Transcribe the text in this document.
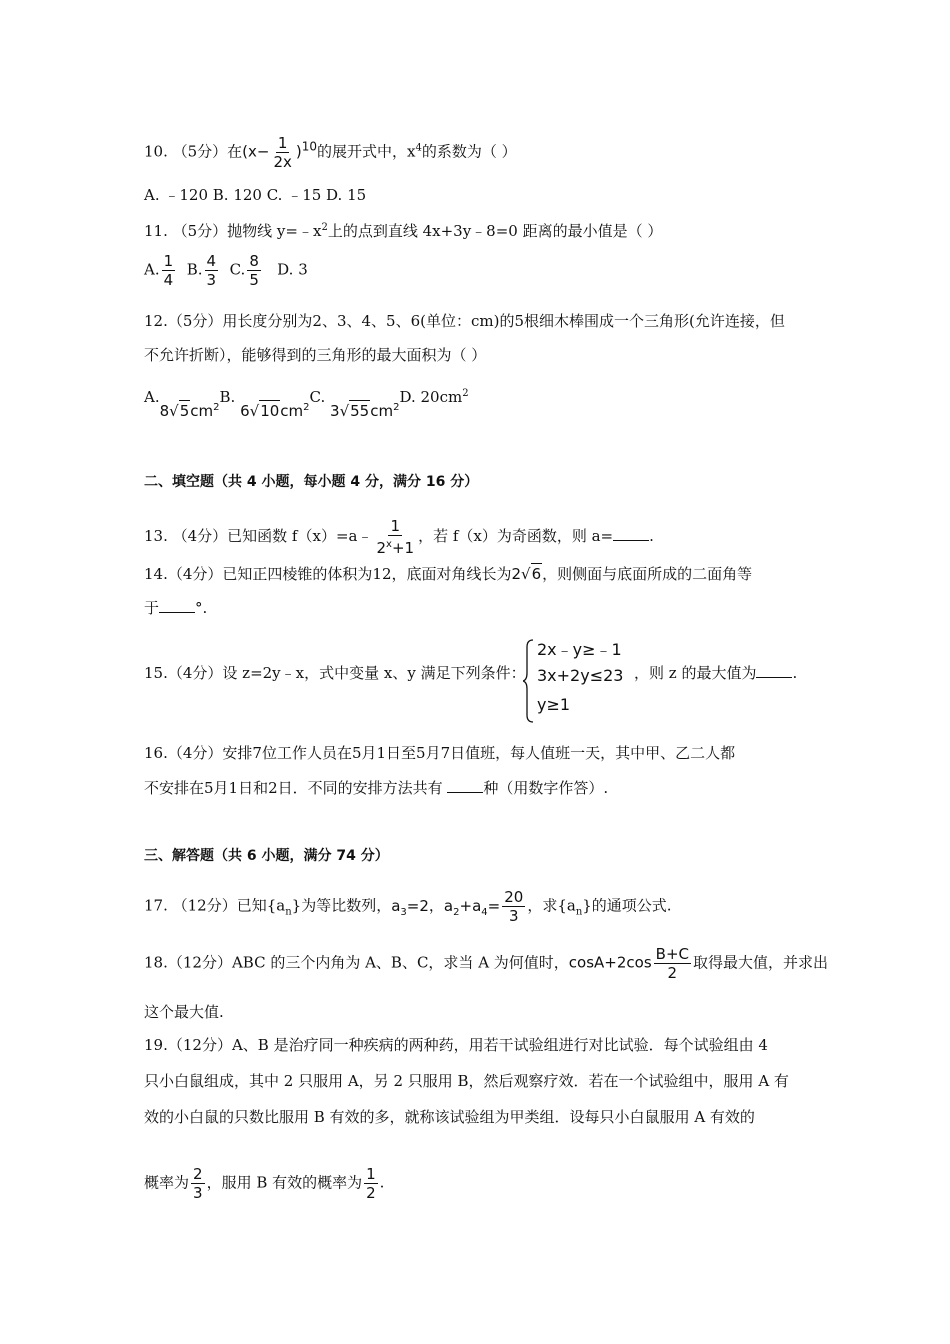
10. （5分）在$(x- \frac{1}{2x} )^{10}$的展开式中，$x^4$的系数为（ ）
A. ﹣120 B. 120 C. ﹣15 D. 15
11. （5分）抛物线 $y=﹣x^2$上的点到直线 4x+3y﹣8=0 距离的最小值是（ ）
A. $\frac{1}{4} B$. $\frac{4}{3} C$. $\frac{8}{5} D$. 3
12.（5分）用长度分别为2、3、4、5、6(单位：cm)的5根细木棒围成一个三角形(允许连接，但
不允许折断），能够得到的三角形的最大面积为（ ）
$A.8√5cm^2B$. $6√10cm^2C$. $3√55cm^2D$. $20cm^2$
二、填空题（共 4 小题，每小题 4 分，满分 16 分）
13. （4分）已知函数 f（x）=a﹣ $\frac{1}{2^x+1}$ ，若 f（x）为奇函数，则 a= .
14.（4分）已知正四棱锥的体积为12，底面对角线长为2√6，则侧面与底面所成的二面角等
于 °.
15.（4分）设 z=2y﹣x，式中变量 x、y 满足下列条件：
2x﹣y≥﹣1
3x+2y≤23
y≥1
，则 z 的最大值为 .
16.（4分）安排7位工作人员在5月1日至5月7日值班，每人值班一天，其中甲、乙二人都
不安排在5月1日和2日．不同的安排方法共有 种（用数字作答）.
三、解答题（共 6 小题，满分 74 分）
17. （12分）已知$\{a_n\}$为等比数列，$a_3=2$，$a_2+a_4= \frac{20}{3}$ ，求$\{a_n\}$的通项公式.
18.（12分）ABC 的三个内角为 A、B、C，求当 A 为何值时，$\cos A+2\cos \frac{B+C}{2}$ 取得最大值，并求出
这个最大值.
19.（12分）A、B 是治疗同一种疾病的两种药，用若干试验组进行对比试验．每个试验组由 4
只小白鼠组成，其中 2 只服用 A，另 2 只服用 B，然后观察疗效．若在一个试验组中，服用 A 有
效的小白鼠的只数比服用 B 有效的多，就称该试验组为甲类组．设每只小白鼠服用 A 有效的
概率为 $\frac{2}{3}$ ，服用 B 有效的概率为 $\frac{1}{2}$ .
